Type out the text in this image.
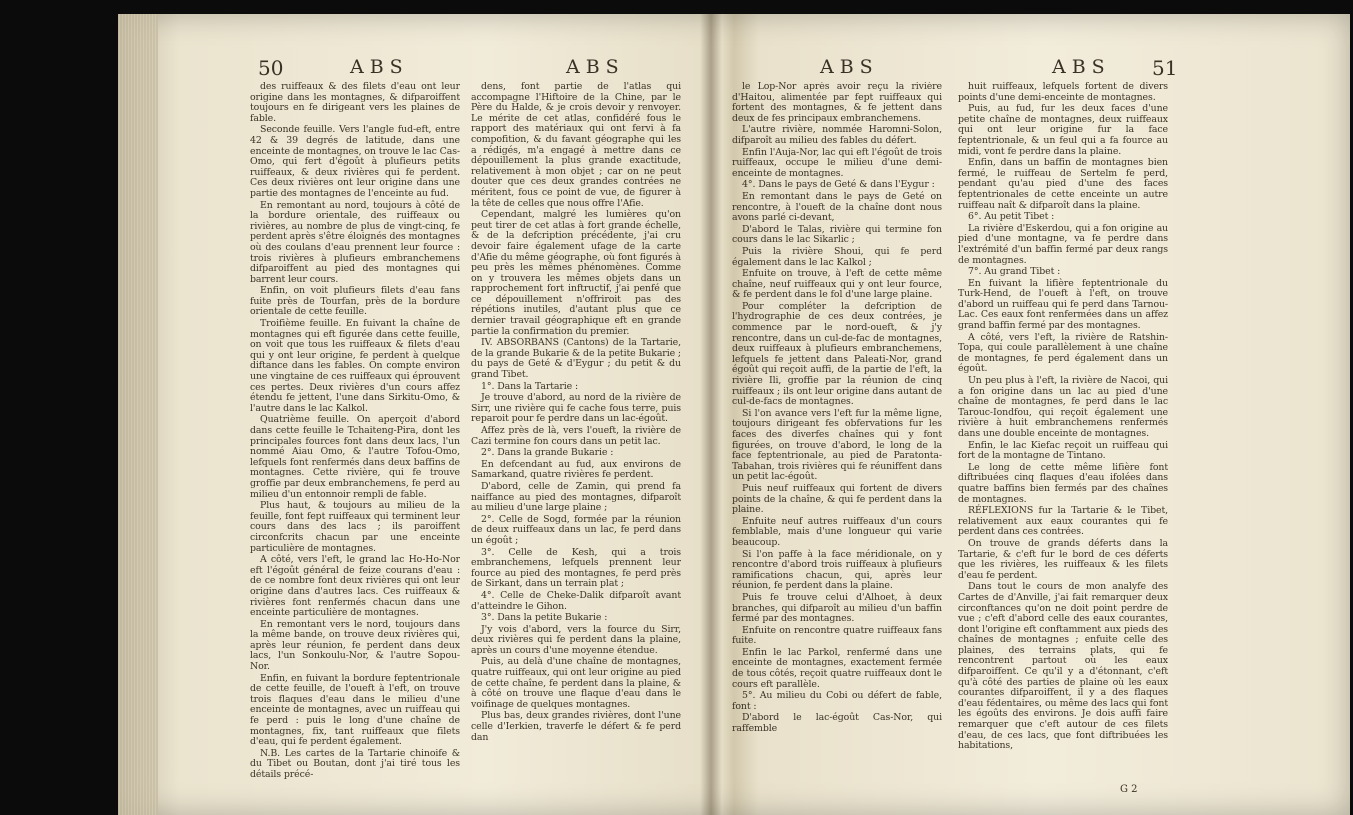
50	ABS	ABS

des ruiffeaux & des filets d'eau ont leur origine dans les montagnes, & difparoiffent toujours en fe dirigeant vers les plaines de fable.

Seconde feuille. Vers l'angle fud-eft, entre 42 & 39 degrés de latitude, dans une enceinte de montagnes, on trouve le lac Cas-Omo, qui fert d'égoût à plufieurs petits ruiffeaux, & deux rivières qui fe perdent. Ces deux rivières ont leur origine dans une partie des montagnes de l'enceinte au fud.

En remontant au nord, toujours à côté de la bordure orientale, des ruiffeaux ou rivières, au nombre de plus de vingt-cinq, fe perdent après s'être éloignés des montagnes où des coulans d'eau prennent leur fource : trois rivières à plufieurs embranchemens difparoiffent au pied des montagnes qui barrent leur cours.

Enfin, on voit plufieurs filets d'eau fans fuite près de Tourfan, près de la bordure orientale de cette feuille.

Troifième feuille. En fuivant la chaîne de montagnes qui eft figurée dans cette feuille, on voit que tous les ruiffeaux & filets d'eau qui y ont leur origine, fe perdent à quelque diftance dans les fables. On compte environ une vingtaine de ces ruiffeaux qui éprouvent ces pertes. Deux rivières d'un cours affez étendu fe jettent, l'une dans Sirkitu-Omo, & l'autre dans le lac Kalkol.

Quatrième feuille. On aperçoit d'abord dans cette feuille le Tchaiteng-Pira, dont les principales fources font dans deux lacs, l'un nommé Aiau Omo, & l'autre Tofou-Omo, lefquels font renfermés dans deux baffins de montagnes. Cette rivière, qui fe trouve groffie par deux embranchemens, fe perd au milieu d'un entonnoir rempli de fable.

Plus haut, & toujours au milieu de la feuille, font fept ruiffeaux qui terminent leur cours dans des lacs ; ils paroiffent circonfcrits chacun par une enceinte particulière de montagnes.

A côté, vers l'eft, le grand lac Ho-Ho-Nor eft l'égoût général de feize courans d'eau : de ce nombre font deux rivières qui ont leur origine dans d'autres lacs. Ces ruiffeaux & rivières font renfermés chacun dans une enceinte particulière de montagnes.

En remontant vers le nord, toujours dans la même bande, on trouve deux rivières qui, après leur réunion, fe perdent dans deux lacs, l'un Sonkoulu-Nor, & l'autre Sopou-Nor.

Enfin, en fuivant la bordure feptentrionale de cette feuille, de l'oueft à l'eft, on trouve trois flaques d'eau dans le milieu d'une enceinte de montagnes, avec un ruiffeau qui fe perd : puis le long d'une chaîne de montagnes, fix, tant ruiffeaux que filets d'eau, qui fe perdent également.

N.B. Les cartes de la Tartarie chinoife & du Tibet ou Boutan, dont j'ai tiré tous les détails précé-

dens, font partie de l'atlas qui accompagne l'Hiftoire de la Chine, par le Père du Halde, & je crois devoir y renvoyer. Le mérite de cet atlas, confidéré fous le rapport des matériaux qui ont fervi à fa compofition, & du favant géographe qui les a rédigés, m'a engagé à mettre dans ce dépouillement la plus grande exactitude, relativement à mon objet ; car on ne peut douter que ces deux grandes contrées ne méritent, fous ce point de vue, de figurer à la tête de celles que nous offre l'Afie.

Cependant, malgré les lumières qu'on peut tirer de cet atlas à fort grande échelle, & de la defcription précédente, j'ai cru devoir faire également ufage de la carte d'Afie du même géographe, où font figurés à peu près les mêmes phénomènes. Comme on y trouvera les mêmes objets dans un rapprochement fort inftructif, j'ai penfé que ce dépouillement n'offriroit pas des répétions inutiles, d'autant plus que ce dernier travail géographique eft en grande partie la confirmation du premier.

IV. ABSORBANS (Cantons) de la Tartarie, de la grande Bukarie & de la petite Bukarie ; du pays de Geté & d'Eygur ; du petit & du grand Tibet.

1°. Dans la Tartarie :

Je trouve d'abord, au nord de la rivière de Sirr, une rivière qui fe cache fous terre, puis reparoit pour fe perdre dans un lac-égoût.

Affez près de là, vers l'oueft, la rivière de Cazi termine fon cours dans un petit lac.

2°. Dans la grande Bukarie :

En defcendant au fud, aux environs de Samarkand, quatre rivières fe perdent.

D'abord, celle de Zamin, qui prend fa naiffance au pied des montagnes, difparoît au milieu d'une large plaine ;

2°. Celle de Sogd, formée par la réunion de deux ruiffeaux dans un lac, fe perd dans un égoût ;

3°. Celle de Kesh, qui a trois embranchemens, lefquels prennent leur fource au pied des montagnes, fe perd près de Sirkant, dans un terrain plat ;

4°. Celle de Cheke-Dalik difparoît avant d'atteindre le Gihon.

3°. Dans la petite Bukarie :

J'y vois d'abord, vers la fource du Sirr, deux rivières qui fe perdent dans la plaine, après un cours d'une moyenne étendue.

Puis, au delà d'une chaîne de montagnes, quatre ruiffeaux, qui ont leur origine au pied de cette chaîne, fe perdent dans la plaine, & à côté on trouve une flaque d'eau dans le voifinage de quelques montagnes.

Plus bas, deux grandes rivières, dont l'une celle d'Ierkien, traverfe le défert & fe perd dan

ABS	ABS 51

le Lop-Nor après avoir reçu la rivière d'Haitou, alimentée par fept ruiffeaux qui fortent des montagnes, & fe jettent dans deux de fes principaux embranchemens.

L'autre rivière, nommée Haromni-Solon, difparoît au milieu des fables du défert.

Enfin l'Auja-Nor, lac qui eft l'égoût de trois ruiffeaux, occupe le milieu d'une demi-enceinte de montagnes.

4°. Dans le pays de Geté & dans l'Eygur :

En remontant dans le pays de Geté on rencontre, à l'oueft de la chaîne dont nous avons parlé ci-devant,

D'abord le Talas, rivière qui termine fon cours dans le lac Sikarlic ;

Puis la rivière Shoui, qui fe perd également dans le lac Kalkol ;

Enfuite on trouve, à l'eft de cette même chaîne, neuf ruiffeaux qui y ont leur fource, & fe perdent dans le fol d'une large plaine.

Pour compléter la defcription de l'hydrographie de ces deux contrées, je commence par le nord-oueft, & j'y rencontre, dans un cul-de-fac de montagnes, deux ruiffeaux à plufieurs embranchemens, lefquels fe jettent dans Paleati-Nor, grand égoût qui reçoit auffi, de la partie de l'eft, la rivière Ili, groffie par la réunion de cinq ruiffeaux ; ils ont leur origine dans autant de cul-de-facs de montagnes.

Si l'on avance vers l'eft fur la même ligne, toujours dirigeant fes obfervations fur les faces des diverfes chaînes qui y font figurées, on trouve d'abord, le long de la face feptentrionale, au pied de Paratonta-Tabahan, trois rivières qui fe réuniffent dans un petit lac-égoût.

Puis neuf ruiffeaux qui fortent de divers points de la chaîne, & qui fe perdent dans la plaine.

Enfuite neuf autres ruiffeaux d'un cours femblable, mais d'une longueur qui varie beaucoup.

Si l'on paffe à la face méridionale, on y rencontre d'abord trois ruiffeaux à plufieurs ramifications chacun, qui, après leur réunion, fe perdent dans la plaine.

Puis fe trouve celui d'Alhoet, à deux branches, qui difparoît au milieu d'un baffin fermé par des montagnes.

Enfuite on rencontre quatre ruiffeaux fans fuite.

Enfin le lac Parkol, renfermé dans une enceinte de montagnes, exactement fermée de tous côtés, reçoit quatre ruiffeaux dont le cours eft parallèle.

5°. Au milieu du Cobi ou défert de fable, font :

D'abord le lac-égoût Cas-Nor, qui raffemble

huit ruiffeaux, lefquels fortent de divers points d'une demi-enceinte de montagnes.

Puis, au fud, fur les deux faces d'une petite chaîne de montagnes, deux ruiffeaux qui ont leur origine fur la face feptentrionale, & un feul qui a fa fource au midi, vont fe perdre dans la plaine.

Enfin, dans un baffin de montagnes bien fermé, le ruiffeau de Sertelm fe perd, pendant qu'au pied d'une des faces feptentrionales de cette enceinte un autre ruiffeau naît & difparoît dans la plaine.

6°. Au petit Tibet :

La rivière d'Eskerdou, qui a fon origine au pied d'une montagne, va fe perdre dans l'extrémité d'un baffin fermé par deux rangs de montagnes.

7°. Au grand Tibet :

En fuivant la lifière feptentrionale du Turk-Hend, de l'oueft à l'eft, on trouve d'abord un ruiffeau qui fe perd dans Tarnou-Lac. Ces eaux font renfermées dans un affez grand baffin fermé par des montagnes.

A côté, vers l'eft, la rivière de Ratshin-Topa, qui coule parallèlement à une chaîne de montagnes, fe perd également dans un égoût.

Un peu plus à l'eft, la rivière de Nacoi, qui a fon origine dans un lac au pied d'une chaîne de montagnes, fe perd dans le lac Tarouc-Iondfou, qui reçoit également une rivière à huit embranchemens renfermés dans une double enceinte de montagnes.

Enfin, le lac Kiefac reçoit un ruiffeau qui fort de la montagne de Tintano.

Le long de cette même lifière font diftribuées cinq flaques d'eau ifolées dans quatre baffins bien fermés par des chaînes de montagnes.

RÉFLEXIONS fur la Tartarie & le Tibet, relativement aux eaux courantes qui fe perdent dans ces contrées.

On trouve de grands déferts dans la Tartarie, & c'eft fur le bord de ces déferts que les rivières, les ruiffeaux & les filets d'eau fe perdent.

Dans tout le cours de mon analyfe des Cartes de d'Anville, j'ai fait remarquer deux circonftances qu'on ne doit point perdre de vue ; c'eft d'abord celle des eaux courantes, dont l'origine eft conftamment aux pieds des chaînes de montagnes ; enfuite celle des plaines, des terrains plats, qui fe rencontrent partout où les eaux difparoiffent. Ce qu'il y a d'étonnant, c'eft qu'à côté des parties de plaine où les eaux courantes difparoiffent, il y a des flaques d'eau fédentaires, ou même des lacs qui font les égoûts des environs. Je dois auffi faire remarquer que c'eft autour de ces filets d'eau, de ces lacs, que font diftribuées les habitations,

G 2
